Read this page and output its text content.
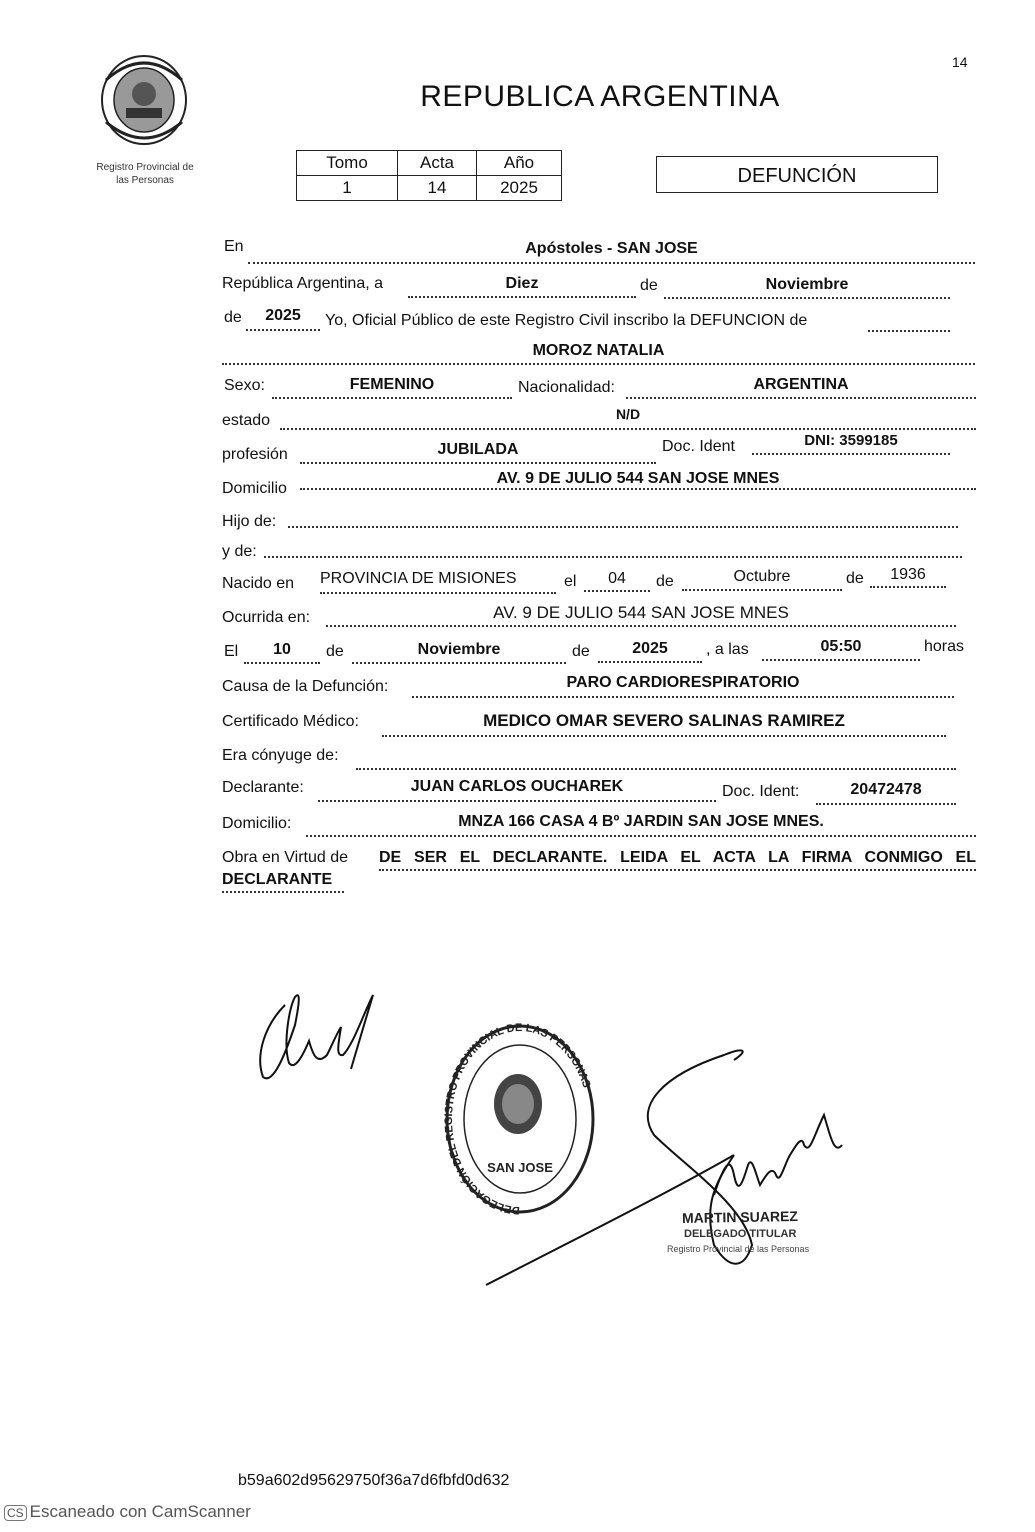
14
Registro Provincial de
las Personas
REPUBLICA ARGENTINA
Tomo	Acta	Año
1	14	2025
DEFUNCIÓN
En	Apóstoles - SAN JOSE
República Argentina, a	Diez	de	Noviembre
de	2025	Yo, Oficial Público de este Registro Civil inscribo la DEFUNCION de
MOROZ NATALIA
Sexo:	FEMENINO	Nacionalidad:	ARGENTINA
estado	N/D
profesión	JUBILADA	Doc. Ident	DNI: 3599185
Domicilio
AV. 9 DE JULIO 544 SAN JOSE MNES
Hijo de:
y de:
Nacido en PROVINCIA DE MISIONES	el	04	de	Octubre	de	1936
Ocurrida en:	AV. 9 DE JULIO 544 SAN JOSE MNES
El	10	de	Noviembre	de	2025	, a las	05:50	horas
Causa de la Defunción:	PARO CARDIORESPIRATORIO
Certificado Médico:	MEDICO OMAR SEVERO SALINAS RAMIREZ
Era cónyuge de:
Declarante:	JUAN CARLOS OUCHAREK	Doc. Ident:	20472478
Domicilio:	MNZA 166 CASA 4 Bº JARDIN SAN JOSE MNES.
Obra en Virtud de DE SER EL DECLARANTE. LEIDA EL ACTA LA FIRMA CONMIGO EL
DECLARANTE
DELEGACIÓN DEL REGISTRO PROVINCIAL DE LAS PERSONAS
SAN JOSE
MARTIN SUAREZ
DELEGADO TITULAR
Registro Provincial de las Personas
b59a602d95629750f36a7d6fbfd0d632
CS Escaneado con CamScanner
